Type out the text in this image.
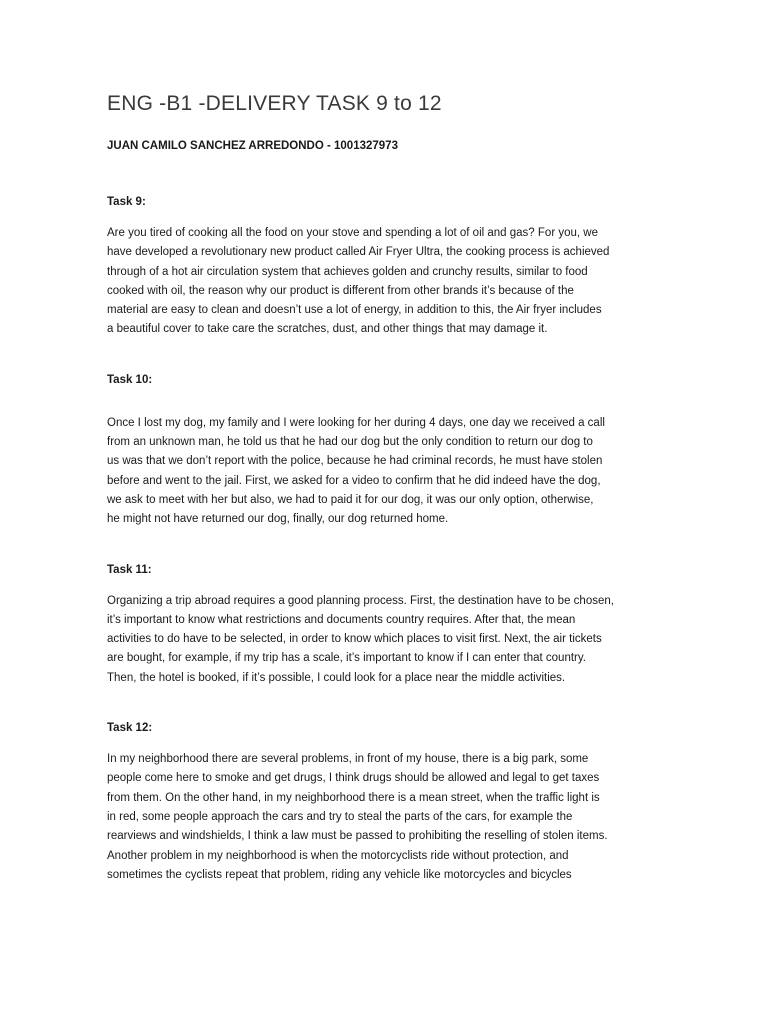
ENG -B1 -DELIVERY TASK 9 to 12
JUAN CAMILO SANCHEZ ARREDONDO - 1001327973
Task 9:

Are you tired of cooking all the food on your stove and spending a lot of oil and gas? For you, we
have developed a revolutionary new product called Air Fryer Ultra, the cooking process is achieved
through of a hot air circulation system that achieves golden and crunchy results, similar to food
cooked with oil, the reason why our product is different from other brands it’s because of the
material are easy to clean and doesn’t use a lot of energy, in addition to this, the Air fryer includes
a beautiful cover to take care the scratches, dust, and other things that may damage it.

Task 10:

Once I lost my dog, my family and I were looking for her during 4 days, one day we received a call
from an unknown man, he told us that he had our dog but the only condition to return our dog to
us was that we don’t report with the police, because he had criminal records, he must have stolen
before and went to the jail. First, we asked for a video to confirm that he did indeed have the dog,
we ask to meet with her but also, we had to paid it for our dog, it was our only option, otherwise,
he might not have returned our dog, finally, our dog returned home.

Task 11:

Organizing a trip abroad requires a good planning process. First, the destination have to be chosen,
it’s important to know what restrictions and documents country requires. After that, the mean
activities to do have to be selected, in order to know which places to visit first. Next, the air tickets
are bought, for example, if my trip has a scale, it’s important to know if I can enter that country.
Then, the hotel is booked, if it’s possible, I could look for a place near the middle activities.

Task 12:

In my neighborhood there are several problems, in front of my house, there is a big park, some
people come here to smoke and get drugs, I think drugs should be allowed and legal to get taxes
from them. On the other hand, in my neighborhood there is a mean street, when the traffic light is
in red, some people approach the cars and try to steal the parts of the cars, for example the
rearviews and windshields, I think a law must be passed to prohibiting the reselling of stolen items.
Another problem in my neighborhood is when the motorcyclists ride without protection, and
sometimes the cyclists repeat that problem, riding any vehicle like motorcycles and bicycles
